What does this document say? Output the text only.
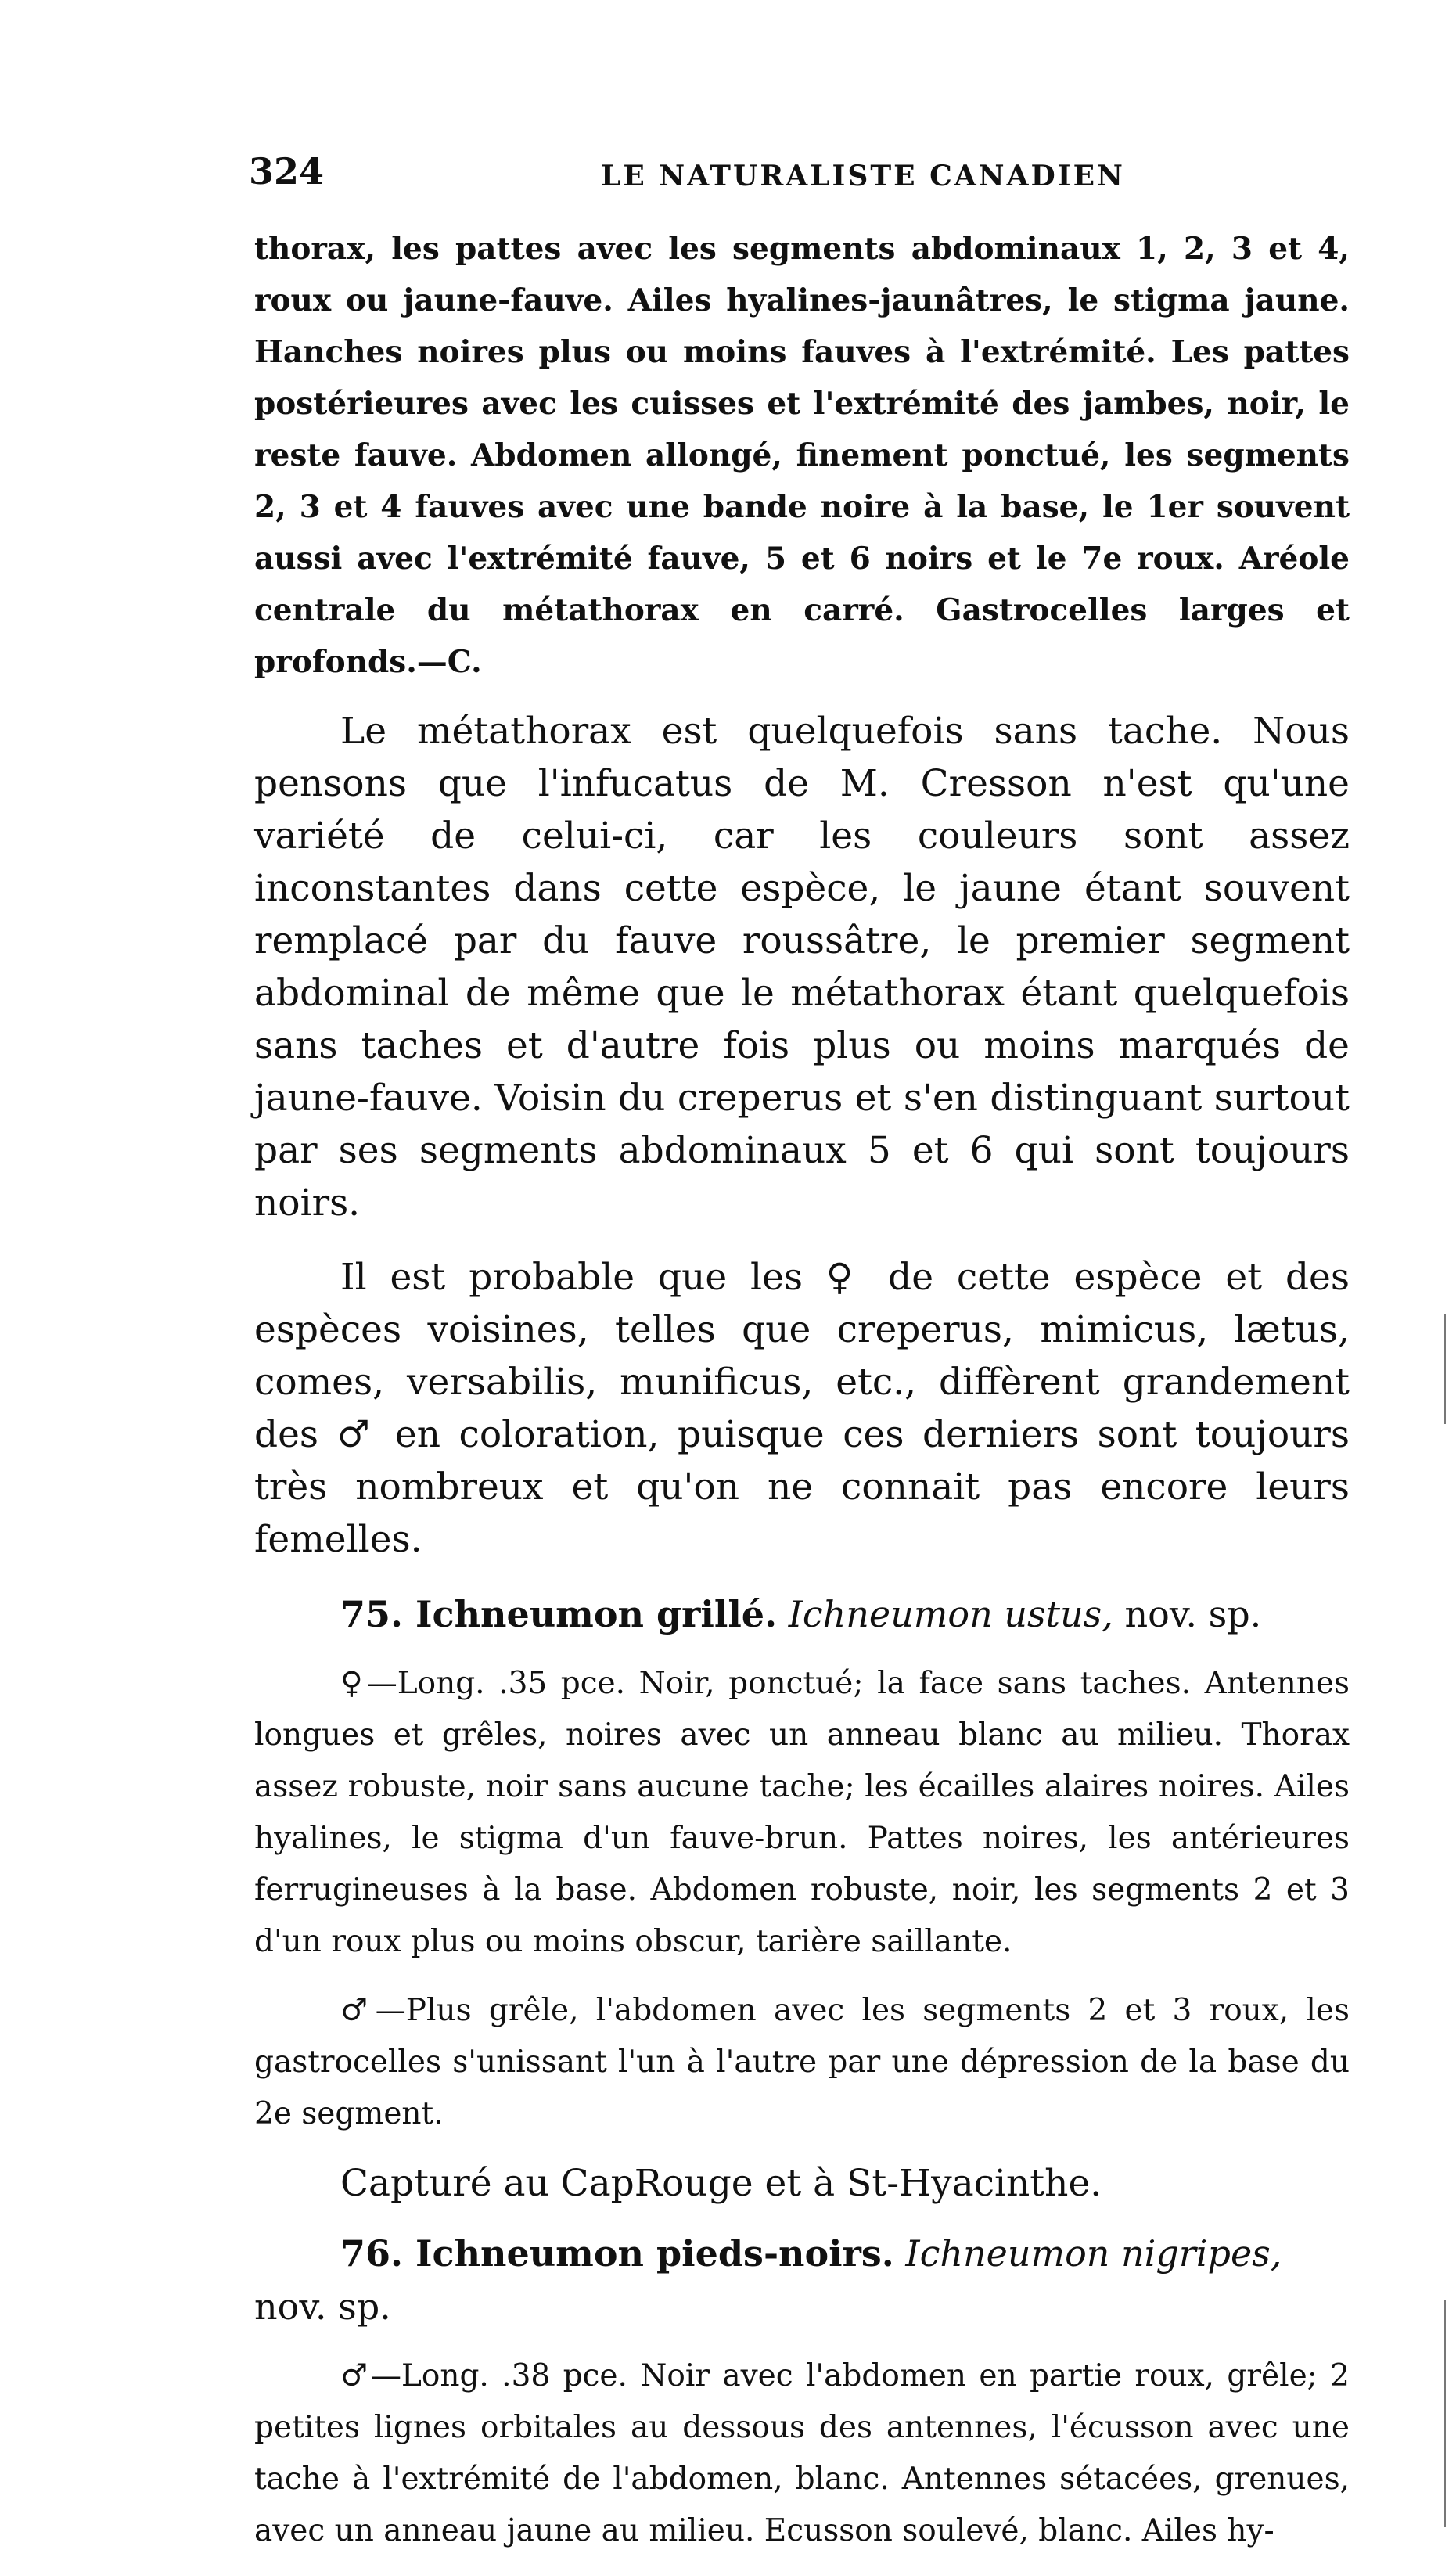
324	LE NATURALISTE CANADIEN

thorax, les pattes avec les segments abdominaux 1, 2, 3 et 4, roux ou jaune-fauve. Ailes hyalines-jaunâtres, le stigma jaune. Hanches noires plus ou moins fauves à l'extrémité. Les pattes postérieures avec les cuisses et l'extrémité des jambes, noir, le reste fauve. Abdomen allongé, finement ponctué, les segments 2, 3 et 4 fauves avec une bande noire à la base, le 1er souvent aussi avec l'extrémité fauve, 5 et 6 noirs et le 7e roux. Aréole centrale du métathorax en carré. Gastrocelles larges et profonds.—C.

Le métathorax est quelquefois sans tache. Nous pensons que l'infucatus de M. Cresson n'est qu'une variété de celui-ci, car les couleurs sont assez inconstantes dans cette espèce, le jaune étant souvent remplacé par du fauve roussâtre, le premier segment abdominal de même que le métathorax étant quelquefois sans taches et d'autre fois plus ou moins marqués de jaune-fauve. Voisin du creperus et s'en distinguant surtout par ses segments abdominaux 5 et 6 qui sont toujours noirs.

Il est probable que les ♀ de cette espèce et des espèces voisines, telles que creperus, mimicus, lætus, comes, versabilis, munificus, etc., diffèrent grandement des ♂ en coloration, puisque ces derniers sont toujours très nombreux et qu'on ne connait pas encore leurs femelles.

75. Ichneumon grillé. Ichneumon ustus, nov. sp.

♀—Long. .35 pce. Noir, ponctué; la face sans taches. Antennes longues et grêles, noires avec un anneau blanc au milieu. Thorax assez robuste, noir sans aucune tache; les écailles alaires noires. Ailes hyalines, le stigma d'un fauve-brun. Pattes noires, les antérieures ferrugineuses à la base. Abdomen robuste, noir, les segments 2 et 3 d'un roux plus ou moins obscur, tarière saillante.

♂—Plus grêle, l'abdomen avec les segments 2 et 3 roux, les gastrocelles s'unissant l'un à l'autre par une dépression de la base du 2e segment.

Capturé au CapRouge et à St-Hyacinthe.

76. Ichneumon pieds-noirs. Ichneumon nigripes, nov. sp.

♂—Long. .38 pce. Noir avec l'abdomen en partie roux, grêle; 2 petites lignes orbitales au dessous des antennes, l'écusson avec une tache à l'extrémité de l'abdomen, blanc. Antennes sétacées, grenues, avec un anneau jaune au milieu. Ecusson soulevé, blanc. Ailes hy-
